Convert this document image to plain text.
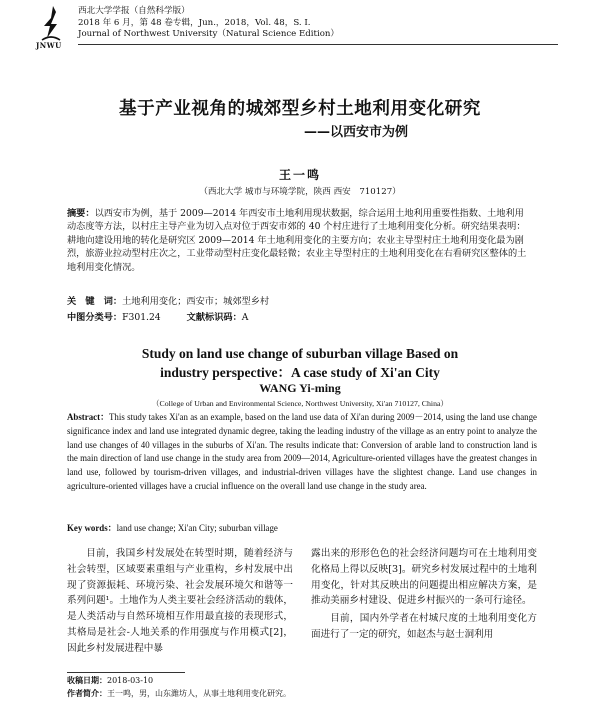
JNWU
西北大学学报（自然科学版）
2018 年 6 月，第 48 卷专辑，Jun.，2018，Vol. 48，S. I.
Journal of Northwest University（Natural Science Edition）
基于产业视角的城郊型乡村土地利用变化研究
——以西安市为例
王一鸣
（西北大学 城市与环境学院，陕西 西安　710127）
摘要：以西安市为例，基于 2009—2014 年西安市土地利用现状数据，综合运用土地利用重要性指数、土地利用动态度等方法，以村庄主导产业为切入点对位于西安市郊的 40 个村庄进行了土地利用变化分析。研究结果表明：耕地向建设用地的转化是研究区 2009—2014 年土地利用变化的主要方向；农业主导型村庄土地利用变化最为剧烈，旅游业拉动型村庄次之，工业带动型村庄变化最轻微；农业主导型村庄的土地利用变化在右看研究区整体的土地利用变化情况。
关　键　词：土地利用变化；西安市；城郊型乡村
中图分类号：F301.24	文献标识码：A
Study on land use change of suburban village Based on industry perspective：A case study of Xi'an City
WANG Yi-ming
（College of Urban and Environmental Science, Northwest University, Xi'an 710127, China）
Abstract：This study takes Xi'an as an example, based on the land use data of Xi'an during 2009－2014, using the land use change significance index and land use integrated dynamic degree, taking the leading industry of the village as an entry point to analyze the land use changes of 40 villages in the suburbs of Xi'an. The results indicate that: Conversion of arable land to construction land is the main direction of land use change in the study area from 2009—2014, Agriculture-oriented villages have the greatest changes in land use, followed by tourism-driven villages, and industrial-driven villages have the slightest change. Land use changes in agriculture-oriented villages have a crucial influence on the overall land use change in the study area.
Key words：land use change; Xi'an City; suburban village

目前，我国乡村发展处在转型时期，随着经济与社会转型，区域要素重组与产业重构，乡村发展中出现了资源振耗、环境污染、社会发展环境欠和谐等一系列问题¹。土地作为人类主要社会经济活动的载体，是人类活动与自然环境相互作用最直接的表现形式，其格局是社会-人地关系的作用强度与作用模式[2]，因此乡村发展进程中暴

露出来的形形色色的社会经济问题均可在土地利用变化格局上得以反映[3]。研究乡村发展过程中的土地利用变化，针对其反映出的问题提出相应解决方案，是推动美丽乡村建设、促进乡村振兴的一条可行途径。

目前，国内外学者在村城尺度的土地利用变化方面进行了一定的研究，如赵杰与赵士洞利用

收稿日期：2018-03-10
作者简介：王一鸣，男，山东潍坊人，从事土地利用变化研究。
